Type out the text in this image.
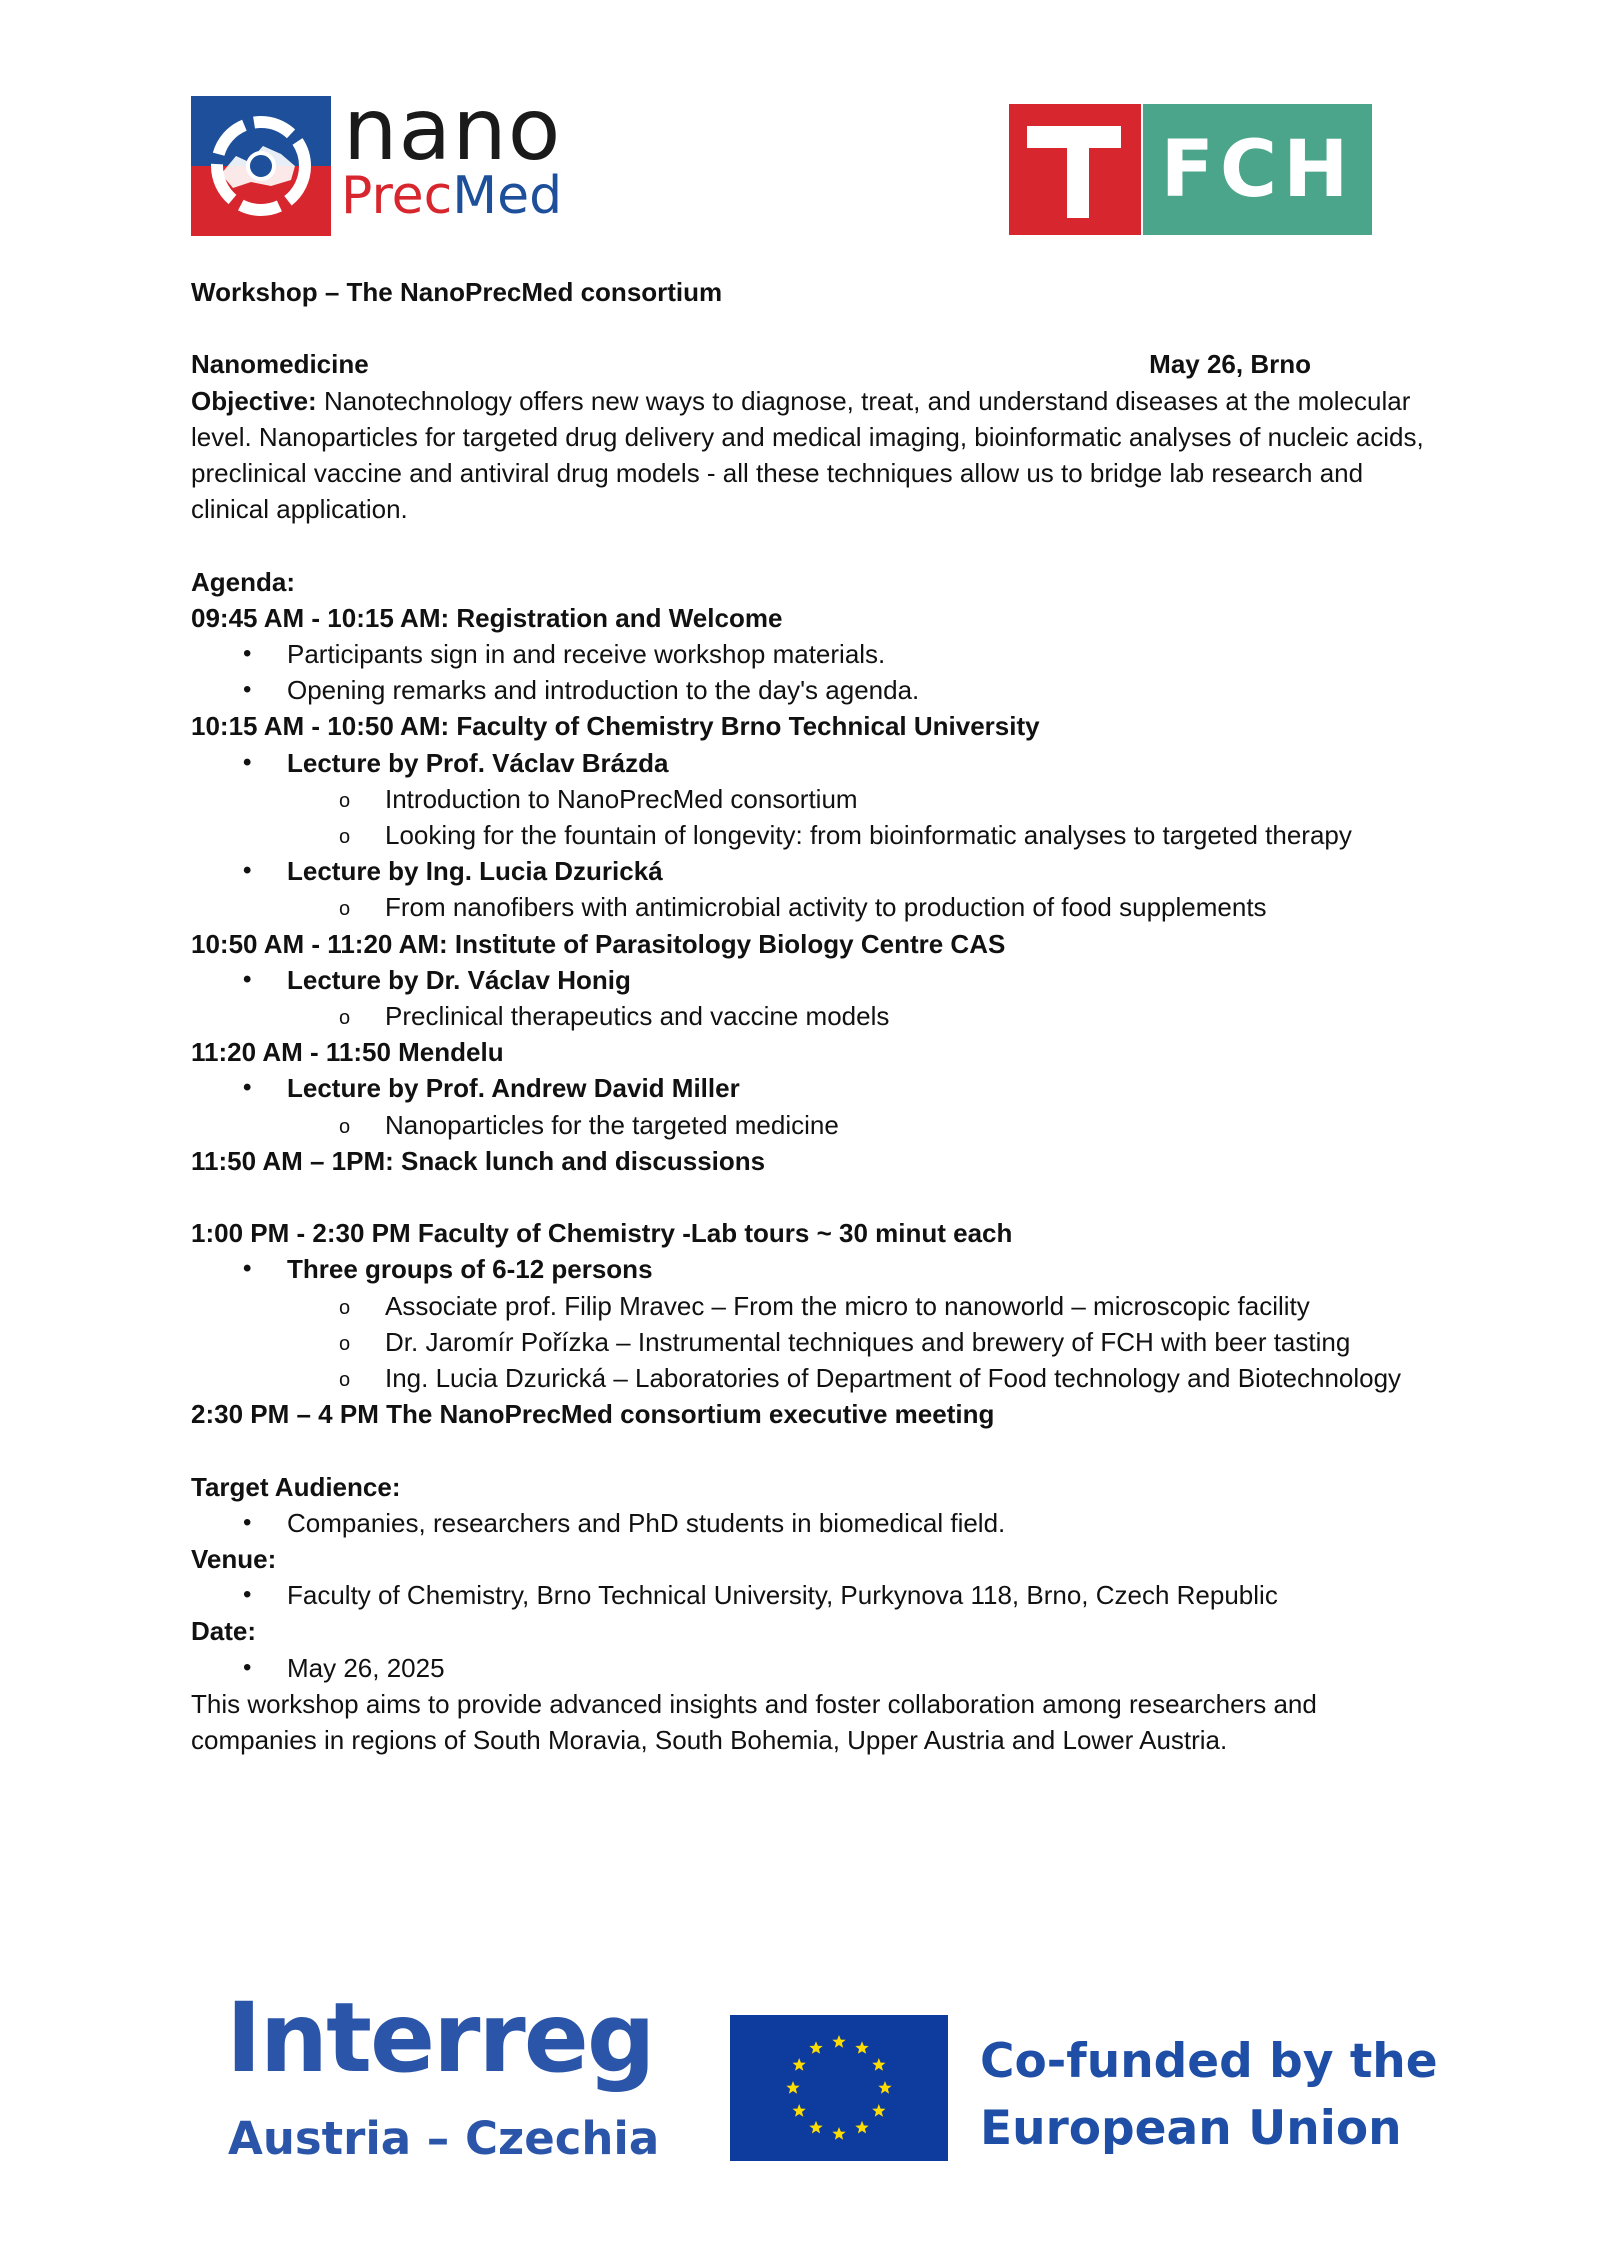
nano
PrecMed	FCH

Workshop – The NanoPrecMed consortium

Nanomedicine	May 26, Brno

Objective: Nanotechnology offers new ways to diagnose, treat, and understand diseases at the molecular level. Nanoparticles for targeted drug delivery and medical imaging, bioinformatic analyses of nucleic acids, preclinical vaccine and antiviral drug models - all these techniques allow us to bridge lab research and clinical application.

Agenda:

09:45 AM - 10:15 AM: Registration and Welcome

• Participants sign in and receive workshop materials.

• Opening remarks and introduction to the day's agenda.

10:15 AM - 10:50 AM: Faculty of Chemistry Brno Technical University

• Lecture by Prof. Václav Brázda

o Introduction to NanoPrecMed consortium

o Looking for the fountain of longevity: from bioinformatic analyses to targeted therapy

• Lecture by Ing. Lucia Dzurická

o From nanofibers with antimicrobial activity to production of food supplements

10:50 AM - 11:20 AM: Institute of Parasitology Biology Centre CAS

• Lecture by Dr. Václav Honig

o Preclinical therapeutics and vaccine models

11:20 AM - 11:50 Mendelu

• Lecture by Prof. Andrew David Miller

o Nanoparticles for the targeted medicine

11:50 AM – 1PM: Snack lunch and discussions

1:00 PM - 2:30 PM Faculty of Chemistry -Lab tours ~ 30 minut each

• Three groups of 6-12 persons

o Associate prof. Filip Mravec – From the micro to nanoworld – microscopic facility

o Dr. Jaromír Pořízka – Instrumental techniques and brewery of FCH with beer tasting

o Ing. Lucia Dzurická – Laboratories of Department of Food technology and Biotechnology

2:30 PM – 4 PM The NanoPrecMed consortium executive meeting

Target Audience:

• Companies, researchers and PhD students in biomedical field.

Venue:

• Faculty of Chemistry, Brno Technical University, Purkynova 118, Brno, Czech Republic

Date:

• May 26, 2025

This workshop aims to provide advanced insights and foster collaboration among researchers and companies in regions of South Moravia, South Bohemia, Upper Austria and Lower Austria.

Interreg
Austria – Czechia
Co-funded by the
European Union
